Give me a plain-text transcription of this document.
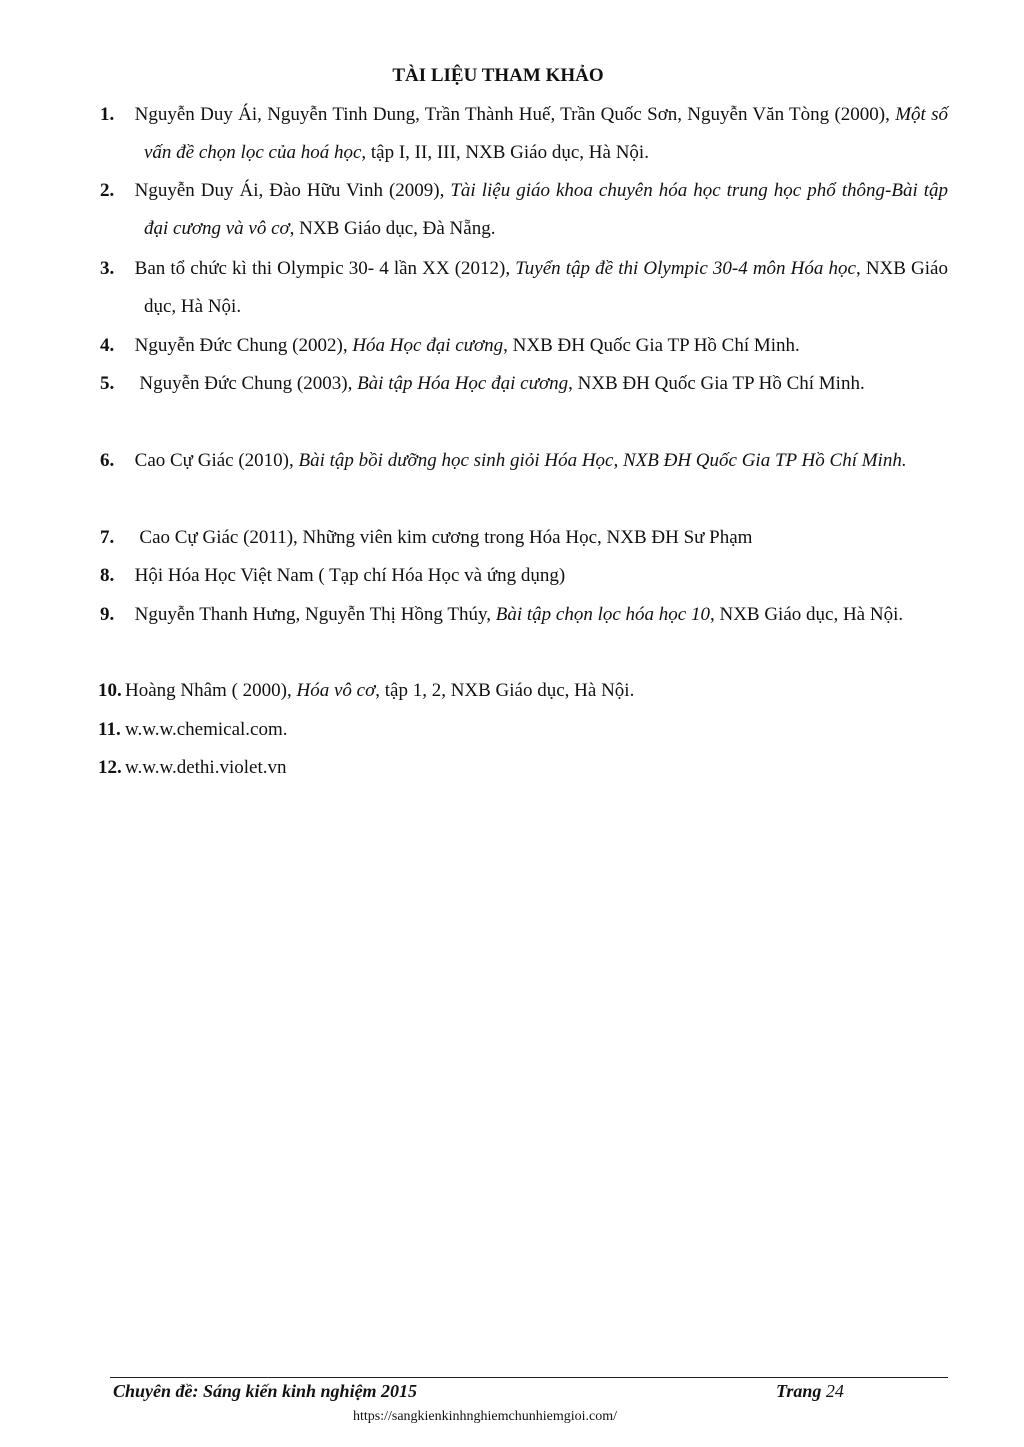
TÀI LIỆU THAM KHẢO
1. Nguyễn Duy Ái, Nguyễn Tinh Dung, Trần Thành Huế, Trần Quốc Sơn, Nguyễn Văn Tòng (2000), Một số vấn đề chọn lọc của hoá học, tập I, II, III, NXB Giáo dục, Hà Nội.
2. Nguyễn Duy Ái, Đào Hữu Vinh (2009), Tài liệu giáo khoa chuyên hóa học trung học phổ thông-Bài tập đại cương và vô cơ, NXB Giáo dục, Đà Nẵng.
3. Ban tổ chức kì thi Olympic 30- 4 lần XX (2012), Tuyển tập đề thi Olympic 30-4 môn Hóa học, NXB Giáo dục, Hà Nội.
4. Nguyễn Đức Chung (2002), Hóa Học đại cương, NXB ĐH Quốc Gia TP Hồ Chí Minh.
5. Nguyễn Đức Chung (2003), Bài tập Hóa Học đại cương, NXB ĐH Quốc Gia TP Hồ Chí Minh.
6. Cao Cự Giác (2010), Bài tập bồi dưỡng học sinh giỏi Hóa Học, NXB ĐH Quốc Gia TP Hồ Chí Minh.
7. Cao Cự Giác (2011), Những viên kim cương trong Hóa Học, NXB ĐH Sư Phạm
8. Hội Hóa Học Việt Nam ( Tạp chí Hóa Học và ứng dụng)
9. Nguyễn Thanh Hưng, Nguyễn Thị Hồng Thúy, Bài tập chọn lọc hóa học 10, NXB Giáo dục, Hà Nội.
10. Hoàng Nhâm ( 2000), Hóa vô cơ, tập 1, 2, NXB Giáo dục, Hà Nội.
11. w.w.w.chemical.com.
12. w.w.w.dethi.violet.vn
Chuyên đề: Sáng kiến kinh nghiệm 2015	Trang 24
https://sangkienkinhnghiemchunhiemgioi.com/
